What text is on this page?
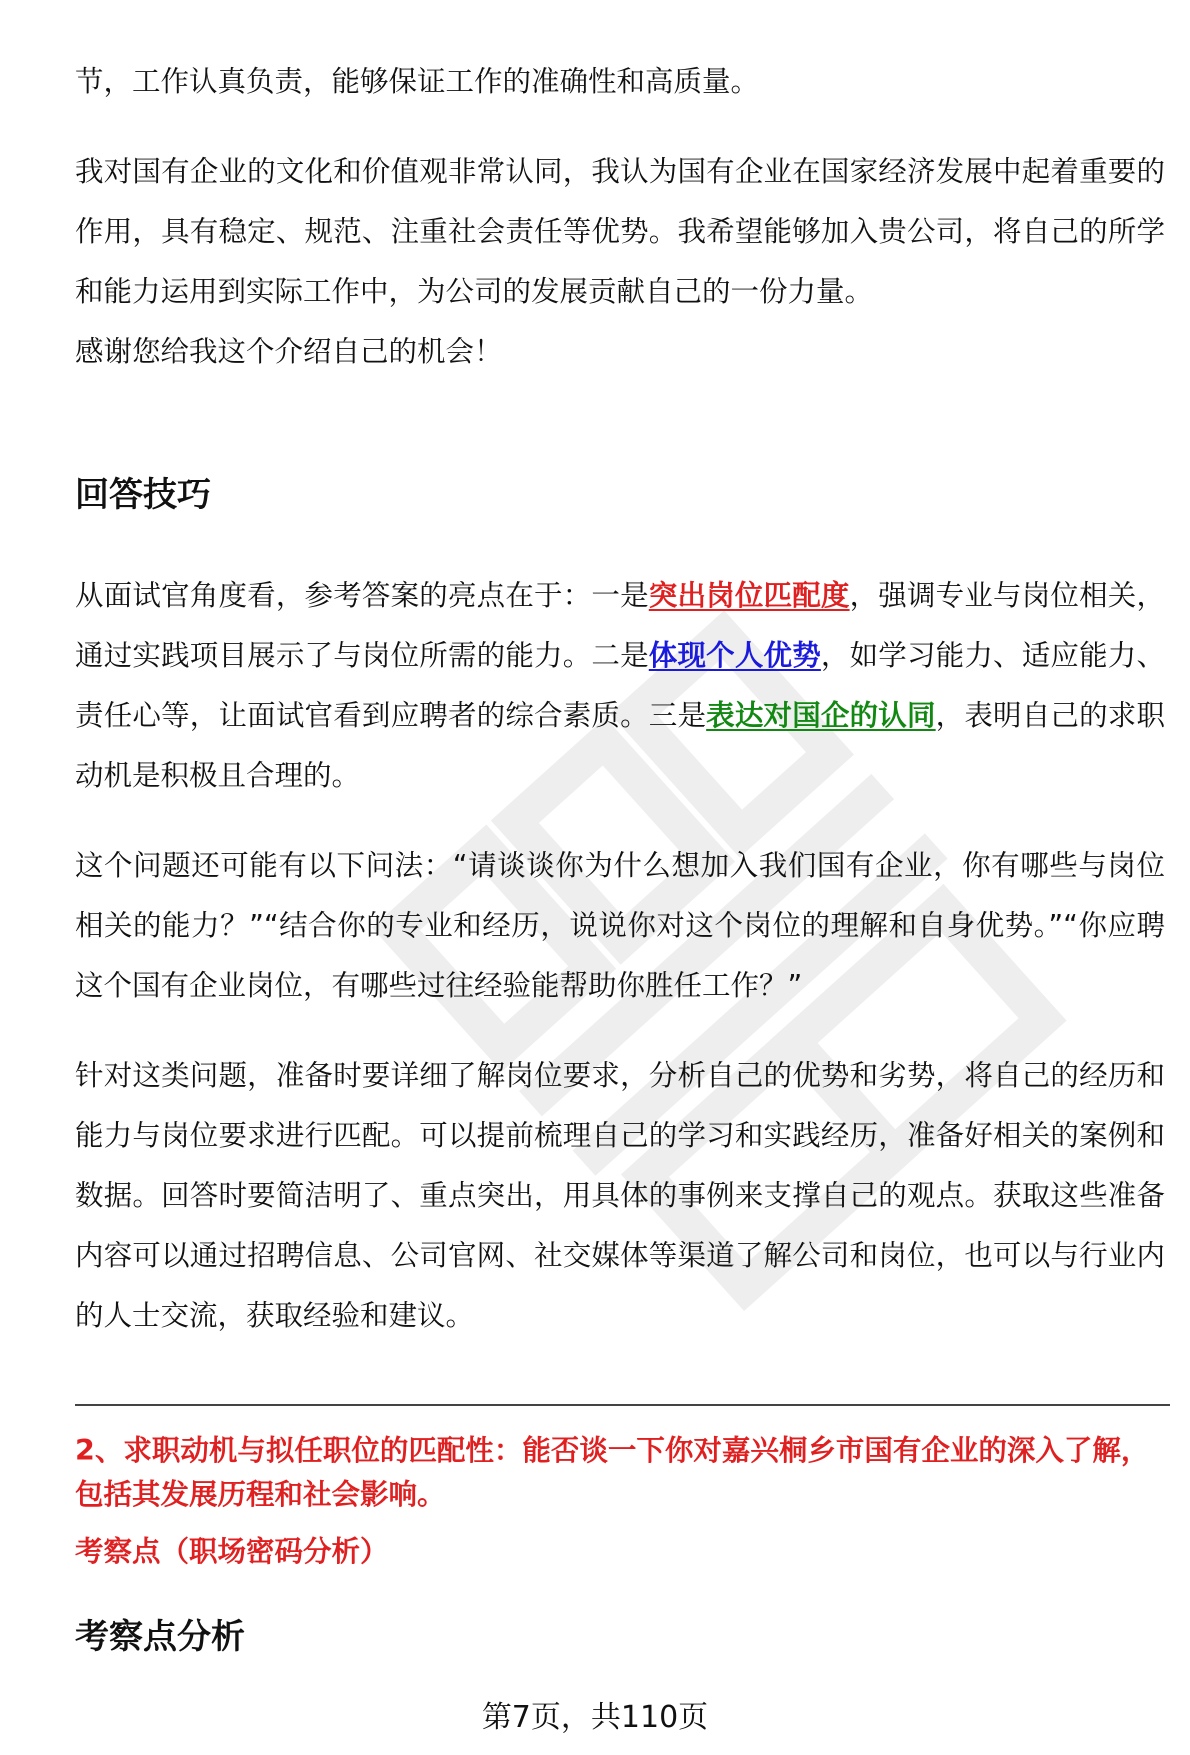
节，工作认真负责，能够保证工作的准确性和高质量。

我对国有企业的文化和价值观非常认同，我认为国有企业在国家经济发展中起着重要的作用，具有稳定、规范、注重社会责任等优势。我希望能够加入贵公司，将自己的所学和能力运用到实际工作中，为公司的发展贡献自己的一份力量。

感谢您给我这个介绍自己的机会！

回答技巧

从面试官角度看，参考答案的亮点在于：一是突出岗位匹配度，强调专业与岗位相关，通过实践项目展示了与岗位所需的能力。二是体现个人优势，如学习能力、适应能力、责任心等，让面试官看到应聘者的综合素质。三是表达对国企的认同，表明自己的求职动机是积极且合理的。

这个问题还可能有以下问法：“请谈谈你为什么想加入我们国有企业，你有哪些与岗位相关的能力？”“结合你的专业和经历，说说你对这个岗位的理解和自身优势。”“你应聘这个国有企业岗位，有哪些过往经验能帮助你胜任工作？”

针对这类问题，准备时要详细了解岗位要求，分析自己的优势和劣势，将自己的经历和能力与岗位要求进行匹配。可以提前梳理自己的学习和实践经历，准备好相关的案例和数据。回答时要简洁明了、重点突出，用具体的事例来支撑自己的观点。获取这些准备内容可以通过招聘信息、公司官网、社交媒体等渠道了解公司和岗位，也可以与行业内的人士交流，获取经验和建议。

2、求职动机与拟任职位的匹配性：能否谈一下你对嘉兴桐乡市国有企业的深入了解，包括其发展历程和社会影响。

考察点（职场密码分析）

考察点分析
第7页，共110页
